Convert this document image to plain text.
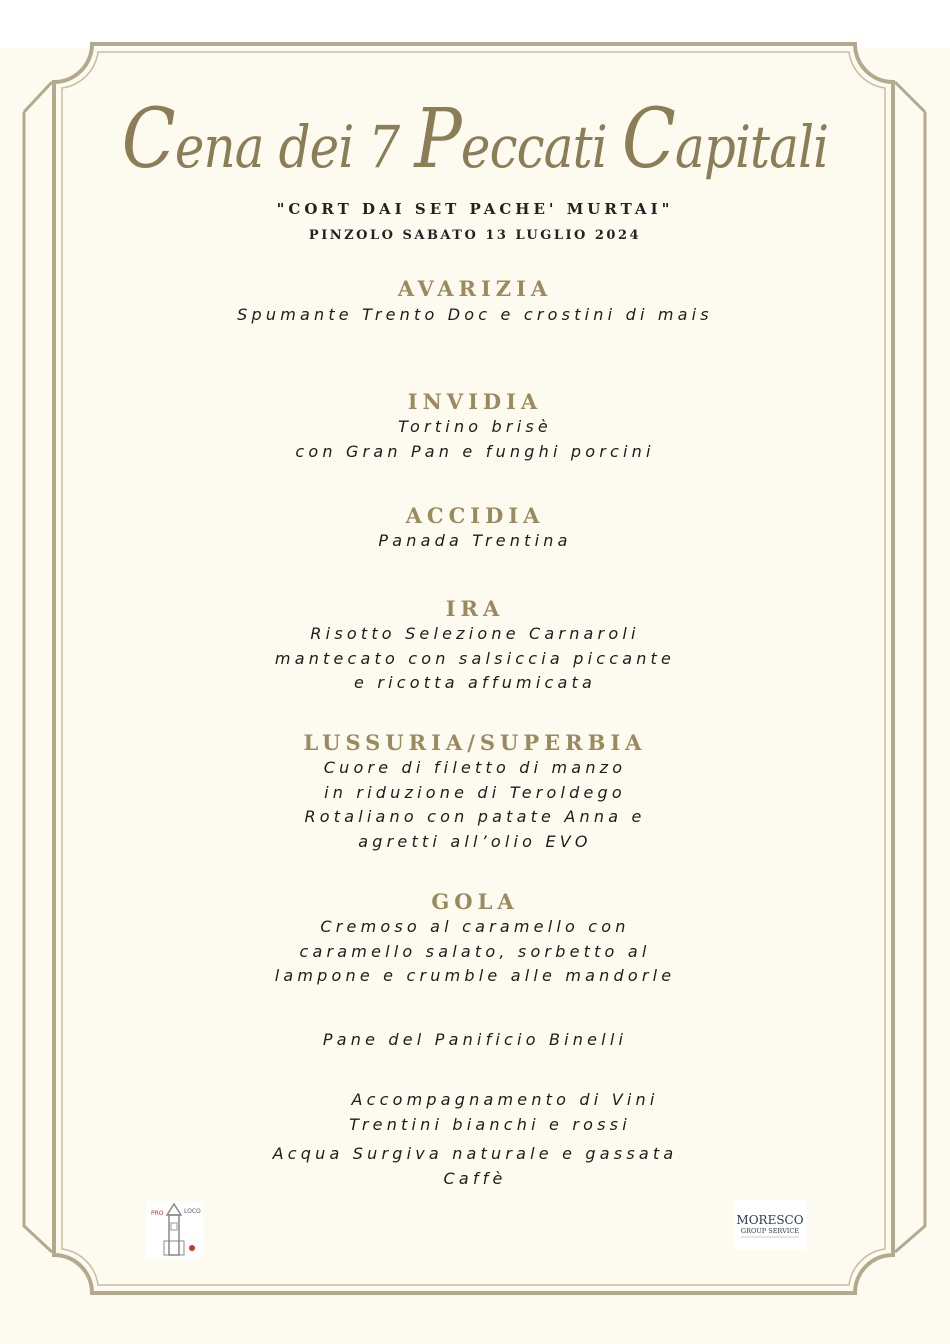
Cena dei 7 Peccati Capitali
"CORT DAI SET PACHE' MURTAI"
PINZOLO SABATO 13 LUGLIO 2024
AVARIZIA
Spumante Trento Doc e crostini di mais
INVIDIA
Tortino brisè
con Gran Pan e funghi porcini
ACCIDIA
Panada Trentina
IRA
Risotto Selezione Carnaroli
mantecato con salsiccia piccante
e ricotta affumicata
LUSSURIA/SUPERBIA
Cuore di filetto di manzo
in riduzione di Teroldego
Rotaliano con patate Anna e
agretti all’olio EVO
GOLA
Cremoso al caramello con
caramello salato, sorbetto al
lampone e crumble alle mandorle
Pane del Panificio Binelli
Accompagnamento di Vini
Trentini bianchi e rossi
Acqua Surgiva naturale e gassata
Caffè
PRO	LOCO
MORESCO
GROUP SERVICE
